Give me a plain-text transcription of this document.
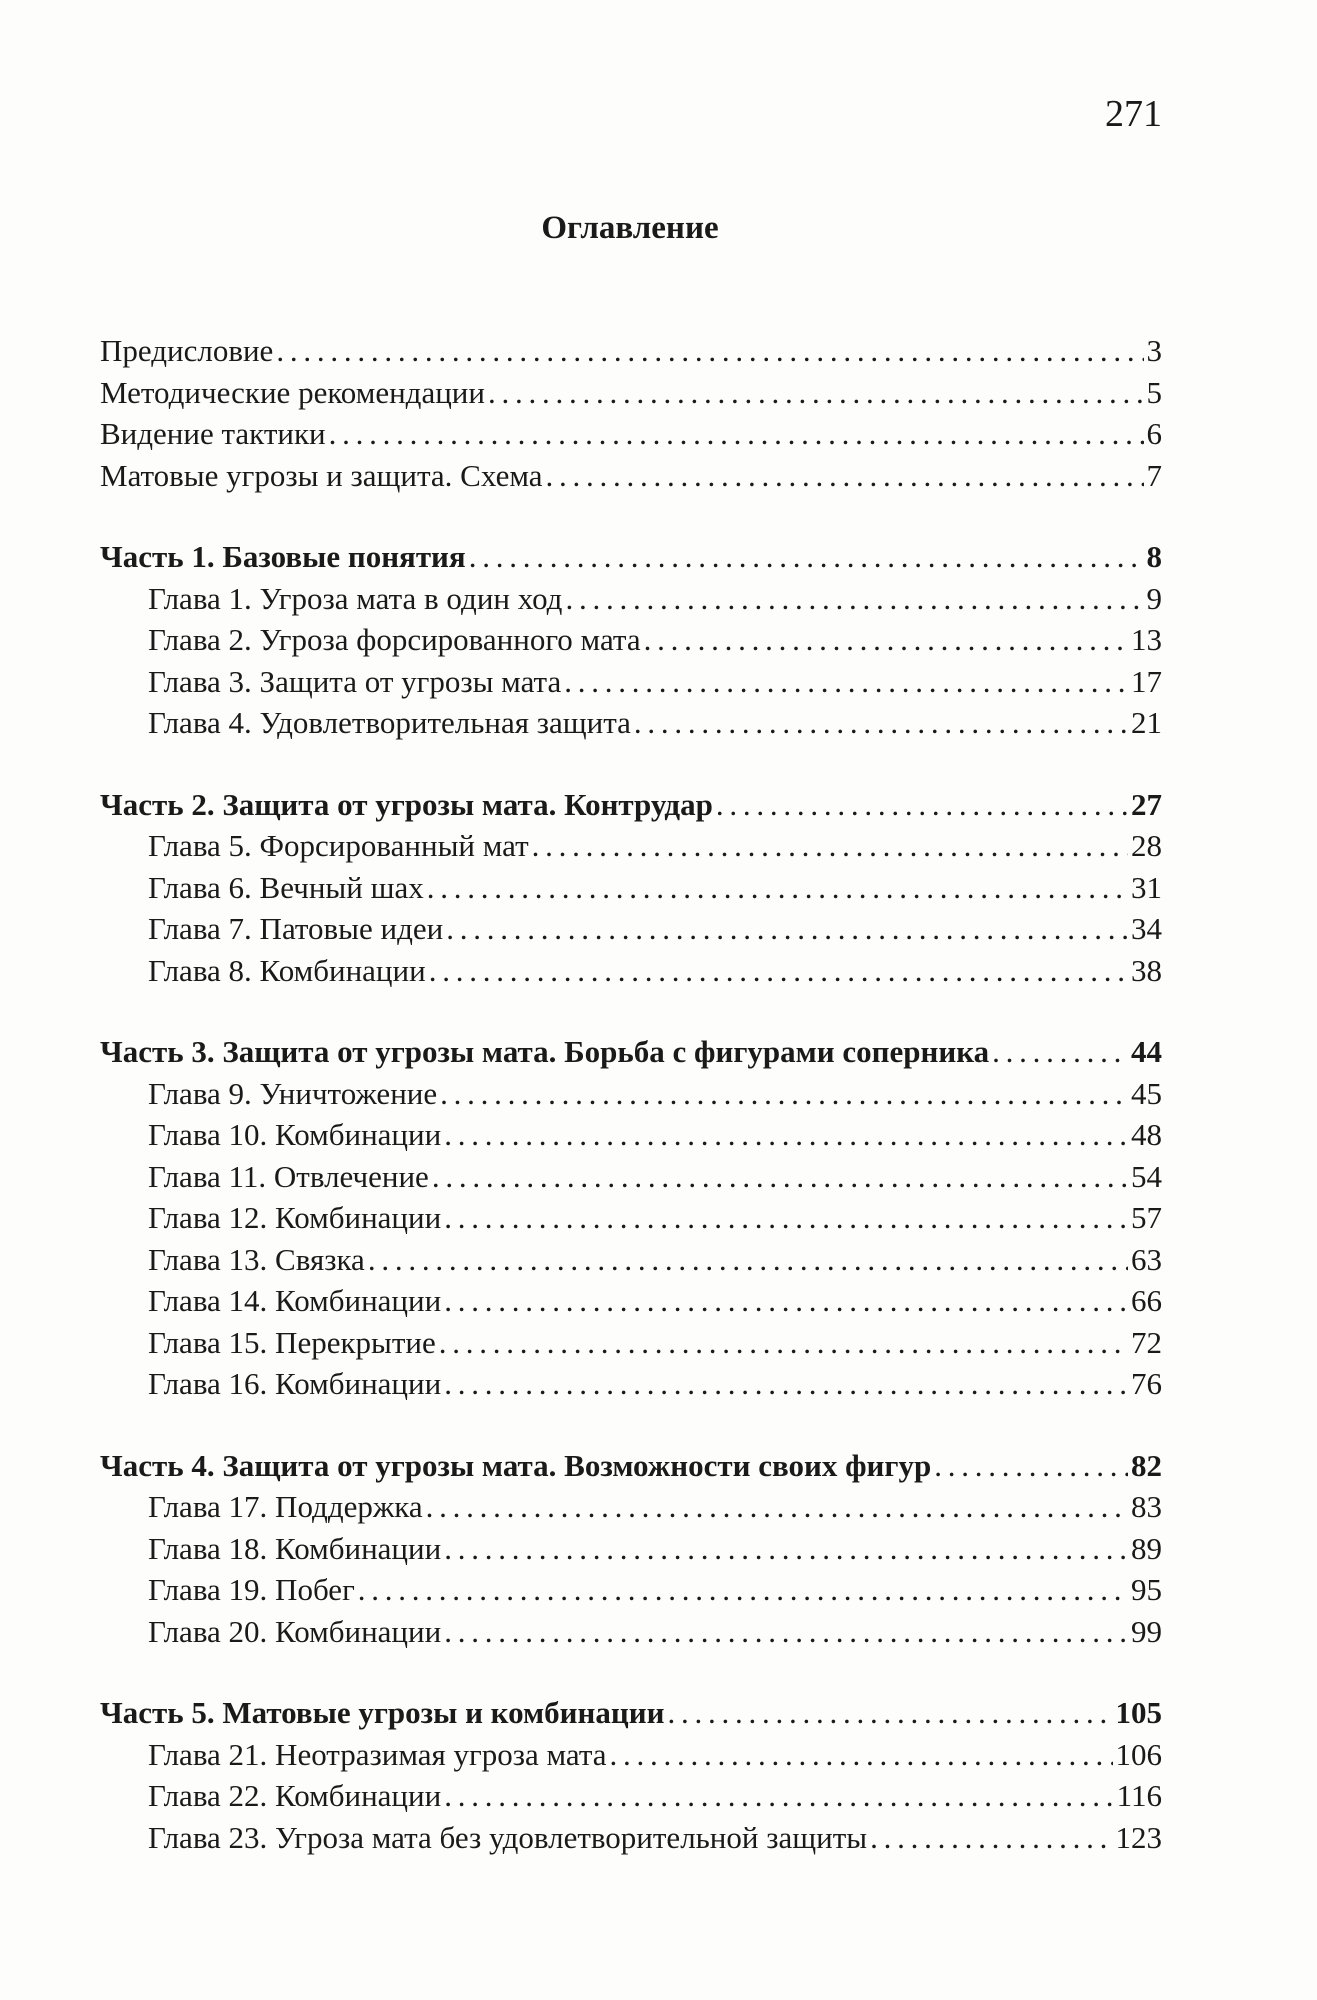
271
Оглавление
Предисловие . . .	3
Методические рекомендации . . .	5
Видение тактики . . .	6
Матовые угрозы и защита. Схема . . .	7
Часть 1. Базовые понятия . . .	8
Глава 1. Угроза мата в один ход . . .	9
Глава 2. Угроза форсированного мата . . .	13
Глава 3. Защита от угрозы мата . . .	17
Глава 4. Удовлетворительная защита . . .	21
Часть 2. Защита от угрозы мата. Контрудар . . .	27
Глава 5. Форсированный мат . . .	28
Глава 6. Вечный шах . . .	31
Глава 7. Патовые идеи . . .	34
Глава 8. Комбинации . . .	38
Часть 3. Защита от угрозы мата. Борьба с фигурами соперника . . .	44
Глава 9. Уничтожение . . .	45
Глава 10. Комбинации . . .	48
Глава 11. Отвлечение . . .	54
Глава 12. Комбинации . . .	57
Глава 13. Связка . . .	63
Глава 14. Комбинации . . .	66
Глава 15. Перекрытие . . .	72
Глава 16. Комбинации . . .	76
Часть 4. Защита от угрозы мата. Возможности своих фигур . . .	82
Глава 17. Поддержка . . .	83
Глава 18. Комбинации . . .	89
Глава 19. Побег . . .	95
Глава 20. Комбинации . . .	99
Часть 5. Матовые угрозы и комбинации . . .	105
Глава 21. Неотразимая угроза мата . . .	106
Глава 22. Комбинации . . .	116
Глава 23. Угроза мата без удовлетворительной защиты . . .	123
